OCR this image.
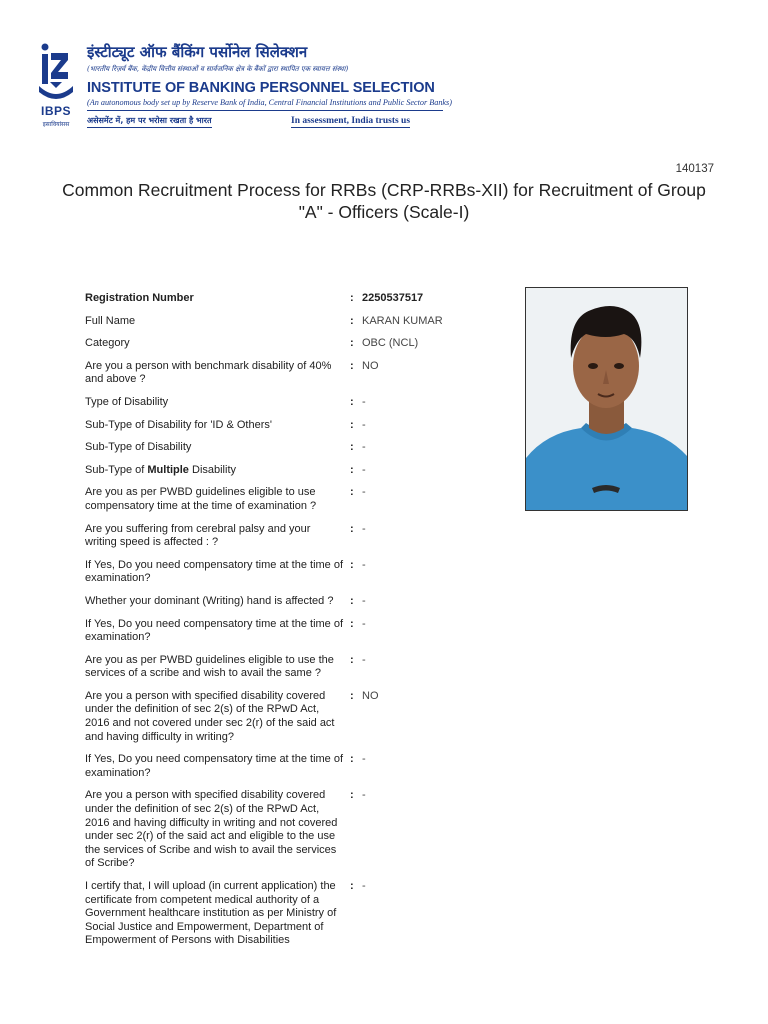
IBPS
इसावियांसस
इंस्टीट्यूट ऑफ बैंकिंग पर्सोनेल सिलेक्शन
(भारतीय रिज़र्व बैंक, केंद्रीय वित्तीय संस्थाओं व सार्वजनिक क्षेत्र के बैंकों द्वारा स्थापित एक स्वायत्त संस्था)
INSTITUTE OF BANKING PERSONNEL SELECTION
(An autonomous body set up by Reserve Bank of India, Central Financial Institutions and Public Sector Banks)
असेसमेंट में, हम पर भरोसा रखता है भारत	In assessment, India trusts us
140137
Common Recruitment Process for RRBs (CRP-RRBs-XII) for Recruitment of Group "A" - Officers (Scale-I)
Registration Number	: 2250537517
Full Name	: KARAN KUMAR
Category	: OBC (NCL)
Are you a person with benchmark disability of 40% and above ?
: NO
Type of Disability	: -
Sub-Type of Disability for 'ID & Others'	: -
Sub-Type of Disability	: -
Sub-Type of Multiple Disability	: -
Are you as per PWBD guidelines eligible to use compensatory time at the time of examination ?
: -
Are you suffering from cerebral palsy and your writing speed is affected : ?
: -
If Yes, Do you need compensatory time at the time of examination?
: -
Whether your dominant (Writing) hand is affected ?	: -
If Yes, Do you need compensatory time at the time of examination?
: -
Are you as per PWBD guidelines eligible to use the services of a scribe and wish to avail the same ?
: -
Are you a person with specified disability covered under the definition of sec 2(s) of the RPwD Act, 2016 and not covered under sec 2(r) of the said act and having difficulty in writing?
: NO
If Yes, Do you need compensatory time at the time of examination?
: -
Are you a person with specified disability covered under the definition of sec 2(s) of the RPwD Act, 2016 and having difficulty in writing and not covered under sec 2(r) of the said act and eligible to the use the services of Scribe and wish to avail the services of Scribe?
: -
I certify that, I will upload (in current application) the certificate from competent medical authority of a Government healthcare institution as per Ministry of Social Justice and Empowerment, Department of Empowerment of Persons with Disabilities
: -
